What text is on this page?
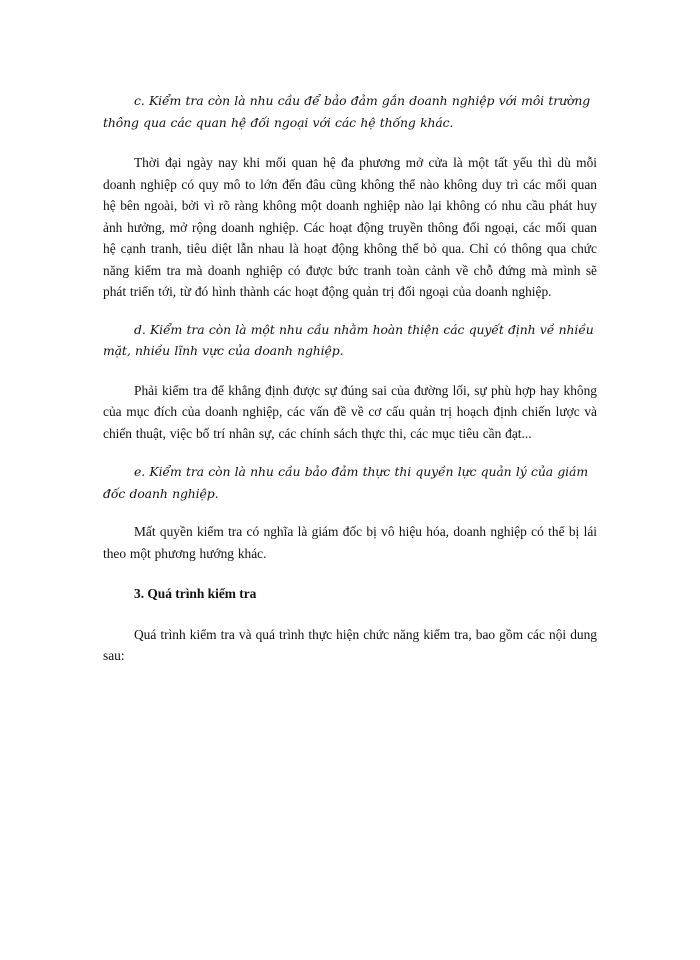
c. Kiểm tra còn là nhu cầu để bảo đảm gắn doanh nghiệp với môi trường thông qua các quan hệ đối ngoại với các hệ thống khác.

Thời đại ngày nay khi mối quan hệ đa phương mở cửa là một tất yếu thì dù mỗi doanh nghiệp có quy mô to lớn đến đâu cũng không thể nào không duy trì các mối quan hệ bên ngoài, bởi vì rõ ràng không một doanh nghiệp nào lại không có nhu cầu phát huy ảnh hưởng, mở rộng doanh nghiệp. Các hoạt động truyền thông đối ngoại, các mối quan hệ cạnh tranh, tiêu diệt lẫn nhau là hoạt động không thể bỏ qua. Chỉ có thông qua chức năng kiểm tra mà doanh nghiệp có được bức tranh toàn cảnh về chỗ đứng mà mình sẽ phát triển tới, từ đó hình thành các hoạt động quản trị đối ngoại của doanh nghiệp.

d. Kiểm tra còn là một nhu cầu nhằm hoàn thiện các quyết định về nhiều mặt, nhiều lĩnh vực của doanh nghiệp.

Phải kiểm tra để khẳng định được sự đúng sai của đường lối, sự phù hợp hay không của mục đích của doanh nghiệp, các vấn đề về cơ cấu quản trị hoạch định chiến lược và chiến thuật, việc bố trí nhân sự, các chính sách thực thi, các mục tiêu cần đạt...

e. Kiểm tra còn là nhu cầu bảo đảm thực thi quyền lực quản lý của giám đốc doanh nghiệp.

Mất quyền kiểm tra có nghĩa là giám đốc bị vô hiệu hóa, doanh nghiệp có thể bị lái theo một phương hướng khác.

3. Quá trình kiểm tra

Quá trình kiểm tra và quá trình thực hiện chức năng kiểm tra, bao gồm các nội dung sau:
